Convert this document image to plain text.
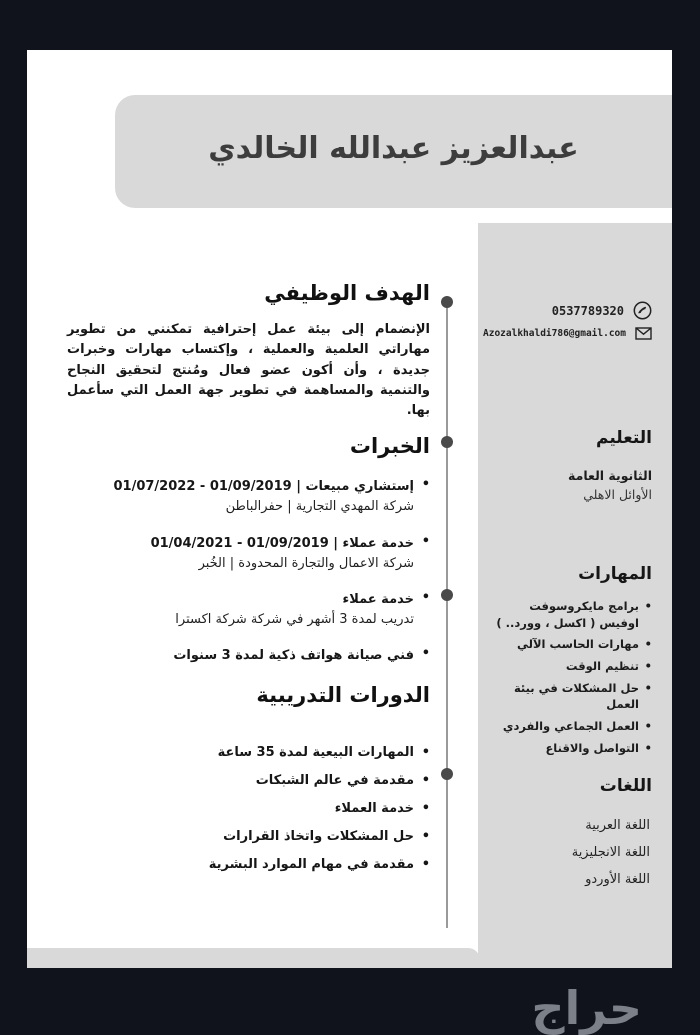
عبدالعزيز عبدالله الخالدي
الهدف الوظيفي

الإنضمام إلى بيئة عمل إحترافية تمكنني من تطوير مهاراتي العلمية والعملية ، وإكتساب مهارات وخبرات جديدة ، وأن أكون عضو فعال ومُنتج لتحقيق النجاح والتنمية والمساهمة في تطوير جهة العمل التي سأعمل بها.

الخبرات
• إستشاري مبيعات | 01/09/2019 - 01/07/2022
شركة المهدي التجارية | حفرالباطن
• خدمة عملاء | 01/09/2019 - 01/04/2021
شركة الاعمال والتجارة المحدودة | الخُبر
• خدمة عملاء
تدريب لمدة 3 أشهر في شركة شركة اكسترا
• فني صيانة هواتف ذكية لمدة 3 سنوات
الدورات التدريبية
• المهارات البيعية لمدة 35 ساعة
• مقدمة في عالم الشبكات
• خدمة العملاء
• حل المشكلات واتخاذ القرارات
• مقدمة في مهام الموارد البشرية
0537789320
Azozalkhaldi786@gmail.com
التعليم
الثانوية العامة
الأوائل الاهلي
المهارات
• برامج مايكروسوفت اوفيس ( اكسل ، وورد.. )
• مهارات الحاسب الآلي
• تنظيم الوقت
• حل المشكلات في بيئة العمل
• العمل الجماعي والفردي
• التواصل والاقناع
اللغات
اللغة العربية
اللغة الانجليزية
اللغة الأوردو
حراج
